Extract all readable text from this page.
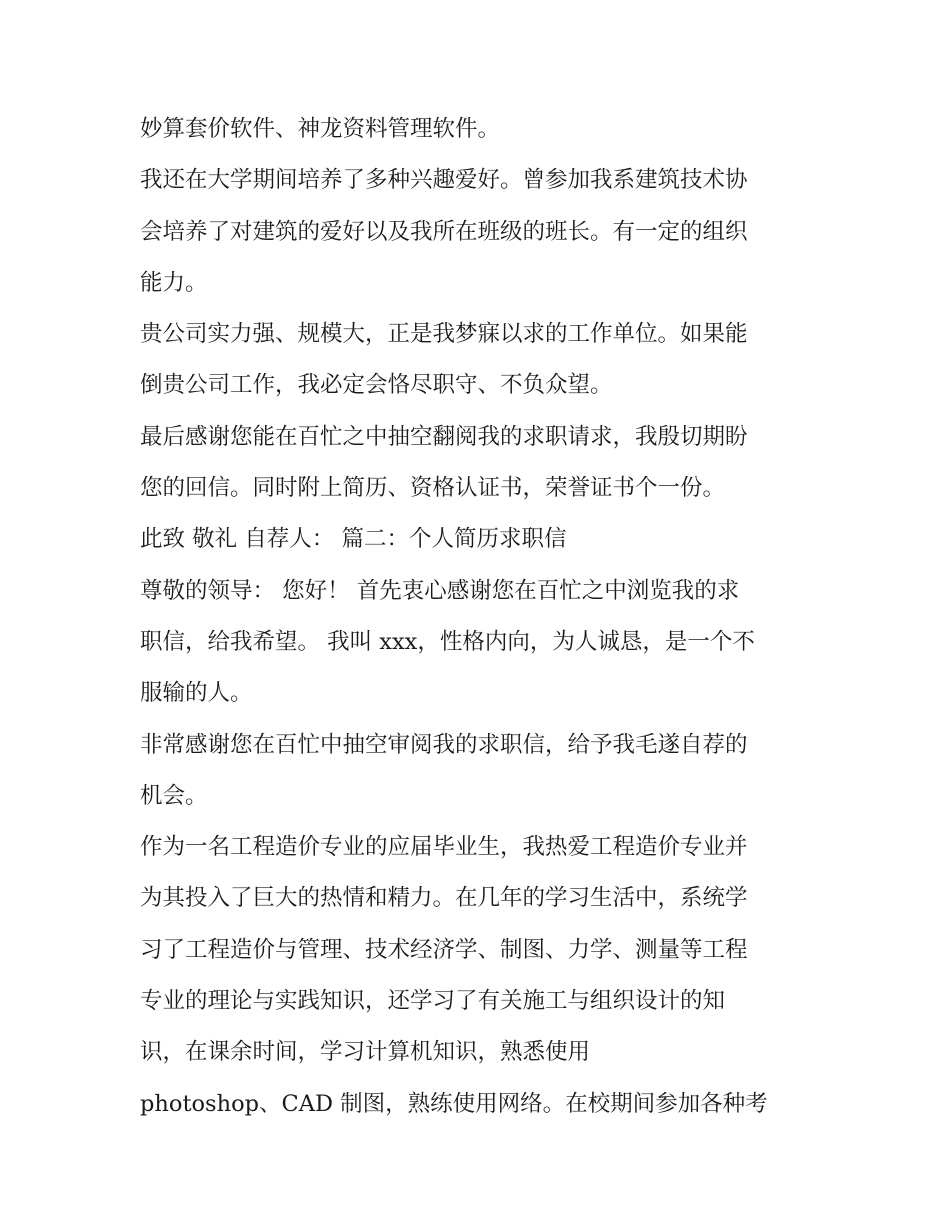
妙算套价软件、神龙资料管理软件。
我还在大学期间培养了多种兴趣爱好。曾参加我系建筑技术协
会培养了对建筑的爱好以及我所在班级的班长。有一定的组织
能力。
贵公司实力强、规模大，正是我梦寐以求的工作单位。如果能
倒贵公司工作，我必定会恪尽职守、不负众望。
最后感谢您能在百忙之中抽空翻阅我的求职请求，我殷切期盼
您的回信。同时附上简历、资格认证书，荣誉证书个一份。
此致 敬礼 自荐人： 篇二：个人简历求职信
尊敬的领导： 您好！ 首先衷心感谢您在百忙之中浏览我的求
职信，给我希望。 我叫 xxx，性格内向，为人诚恳，是一个不
服输的人。
非常感谢您在百忙中抽空审阅我的求职信，给予我毛遂自荐的
机会。
作为一名工程造价专业的应届毕业生，我热爱工程造价专业并
为其投入了巨大的热情和精力。在几年的学习生活中，系统学
习了工程造价与管理、技术经济学、制图、力学、测量等工程
专业的理论与实践知识，还学习了有关施工与组织设计的知
识，在课余时间，学习计算机知识，熟悉使用
photoshop、CAD 制图，熟练使用网络。在校期间参加各种考
